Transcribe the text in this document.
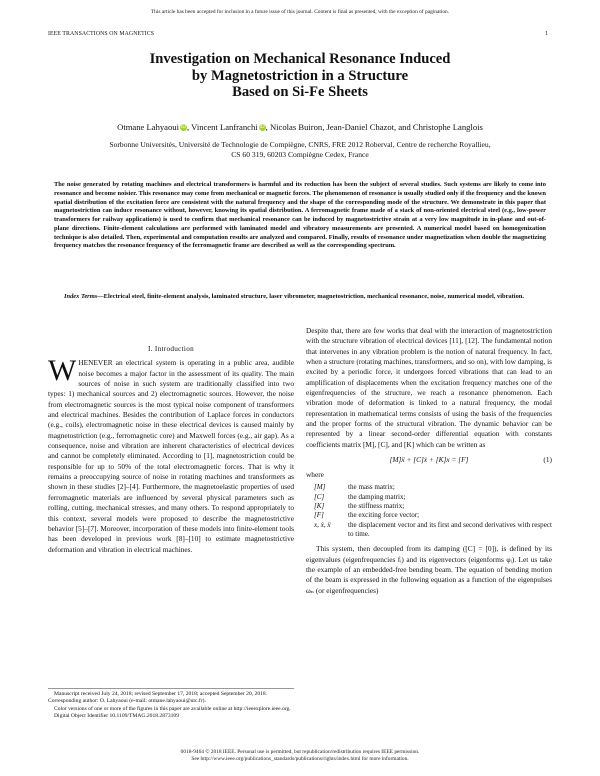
This article has been accepted for inclusion in a future issue of this journal. Content is final as presented, with the exception of pagination.
IEEE TRANSACTIONS ON MAGNETICS	1
Investigation on Mechanical Resonance Induced
by Magnetostriction in a Structure
Based on Si-Fe Sheets
Otmane Lahyaoui iD, Vincent Lanfranchi iD, Nicolas Buiron, Jean-Daniel Chazot, and Christophe Langlois
Sorbonne Universités, Université de Technologie de Compiègne, CNRS, FRE 2012 Roberval, Centre de recherche Royallieu,
CS 60 319, 60203 Compiègne Cedex, France
The noise generated by rotating machines and electrical transformers is harmful and its reduction has been the subject of several studies. Such systems are likely to come into resonance and become noisier. This resonance may come from mechanical or magnetic forces. The phenomenon of resonance is usually studied only if the frequency and the known spatial distribution of the excitation force are consistent with the natural frequency and the shape of the corresponding mode of the structure. We demonstrate in this paper that magnetostriction can induce resonance without, however, knowing its spatial distribution. A ferromagnetic frame made of a stack of non-oriented electrical steel (e.g., low-power transformers for railway applications) is used to confirm that mechanical resonance can be induced by magnetostrictive strain at a very low magnitude in in-plane and out-of-plane directions. Finite-element calculations are performed with laminated model and vibratory measurements are presented. A numerical model based on homogenization technique is also detailed. Then, experimental and computation results are analyzed and compared. Finally, results of resonance under magnetization when double the magnetizing frequency matches the resonance frequency of the ferromagnetic frame are described as well as the corresponding spectrum.
Index Terms—Electrical steel, finite-element analysis, laminated structure, laser vibrometer, magnetostriction, mechanical resonance, noise, numerical model, vibration.
I. Introduction

WHENEVER an electrical system is operating in a public area, audible noise becomes a major factor in the assessment of its quality. The main sources of noise in such system are traditionally classified into two types: 1) mechanical sources and 2) electromagnetic sources. However, the noise from electromagnetic sources is the most typical noise component of transformers and electrical machines. Besides the contribution of Laplace forces in conductors (e.g., coils), electromagnetic noise in these electrical devices is caused mainly by magnetostriction (e.g., ferromagnetic core) and Maxwell forces (e.g., air gap). As a consequence, noise and vibration are inherent characteristics of electrical devices and cannot be completely eliminated. According to [1], magnetostriction could be responsible for up to 50% of the total electromagnetic forces. That is why it remains a preoccupying source of noise in rotating machines and transformers as shown in these studies [2]–[4]. Furthermore, the magnetoelastic properties of used ferromagnetic materials are influenced by several physical parameters such as rolling, cutting, mechanical stresses, and many others. To respond appropriately to this context, several models were proposed to describe the magnetostrictive behavior [5]–[7]. Moreover, incorporation of these models into finite-element tools has been developed in previous work [8]–[10] to estimate magnetostrictive deformation and vibration in electrical machines.

Manuscript received July 24, 2018; revised September 17, 2018; accepted September 20, 2018. Corresponding author: O. Lahyaoui (e-mail: otmane.lahyaoui@utc.fr).

Color versions of one or more of the figures in this paper are available online at http://ieeexplore.ieee.org.

Digital Object Identifier 10.1109/TMAG.2018.2873109

Despite that, there are few works that deal with the interaction of magnetostriction with the structure vibration of electrical devices [11], [12]. The fundamental notion that intervenes in any vibration problem is the notion of natural frequency. In fact, when a structure (rotating machines, transformers, and so on), with low damping, is excited by a periodic force, it undergoes forced vibrations that can lead to an amplification of displacements when the excitation frequency matches one of the eigenfrequencies of the structure, we reach a resonance phenomenon. Each vibration mode of deformation is linked to a natural frequency, the modal representation in mathematical terms consists of using the basis of the frequencies and the proper forms of the structural vibration. The dynamic behavior can be represented by a linear second-order differential equation with constants coefficients matrix [M], [C], and [K] which can be written as

[M]ẍ + [C]ẋ + [K]x = [F]	(1)

where

[M]	the mass matrix;
[C]	the damping matrix;
[K]	the stiffness matrix;
[F]	the exciting force vector;
x, ẋ, ẍ	the displacement vector and its first and second derivatives with respect to time.

This system, then decoupled from its damping ([C] = [0]), is defined by its eigenvalues (eigenfrequencies fᵢ) and its eigenvectors (eigenforms φᵢ). Let us take the example of an embedded-free bending beam. The equation of bending motion of the beam is expressed in the following equation as a function of the eigenpulses ωₙ (or eigenfrequencies)

0018-9464 © 2018 IEEE. Personal use is permitted, but republication/redistribution requires IEEE permission.
See http://www.ieee.org/publications_standards/publications/rights/index.html for more information.
